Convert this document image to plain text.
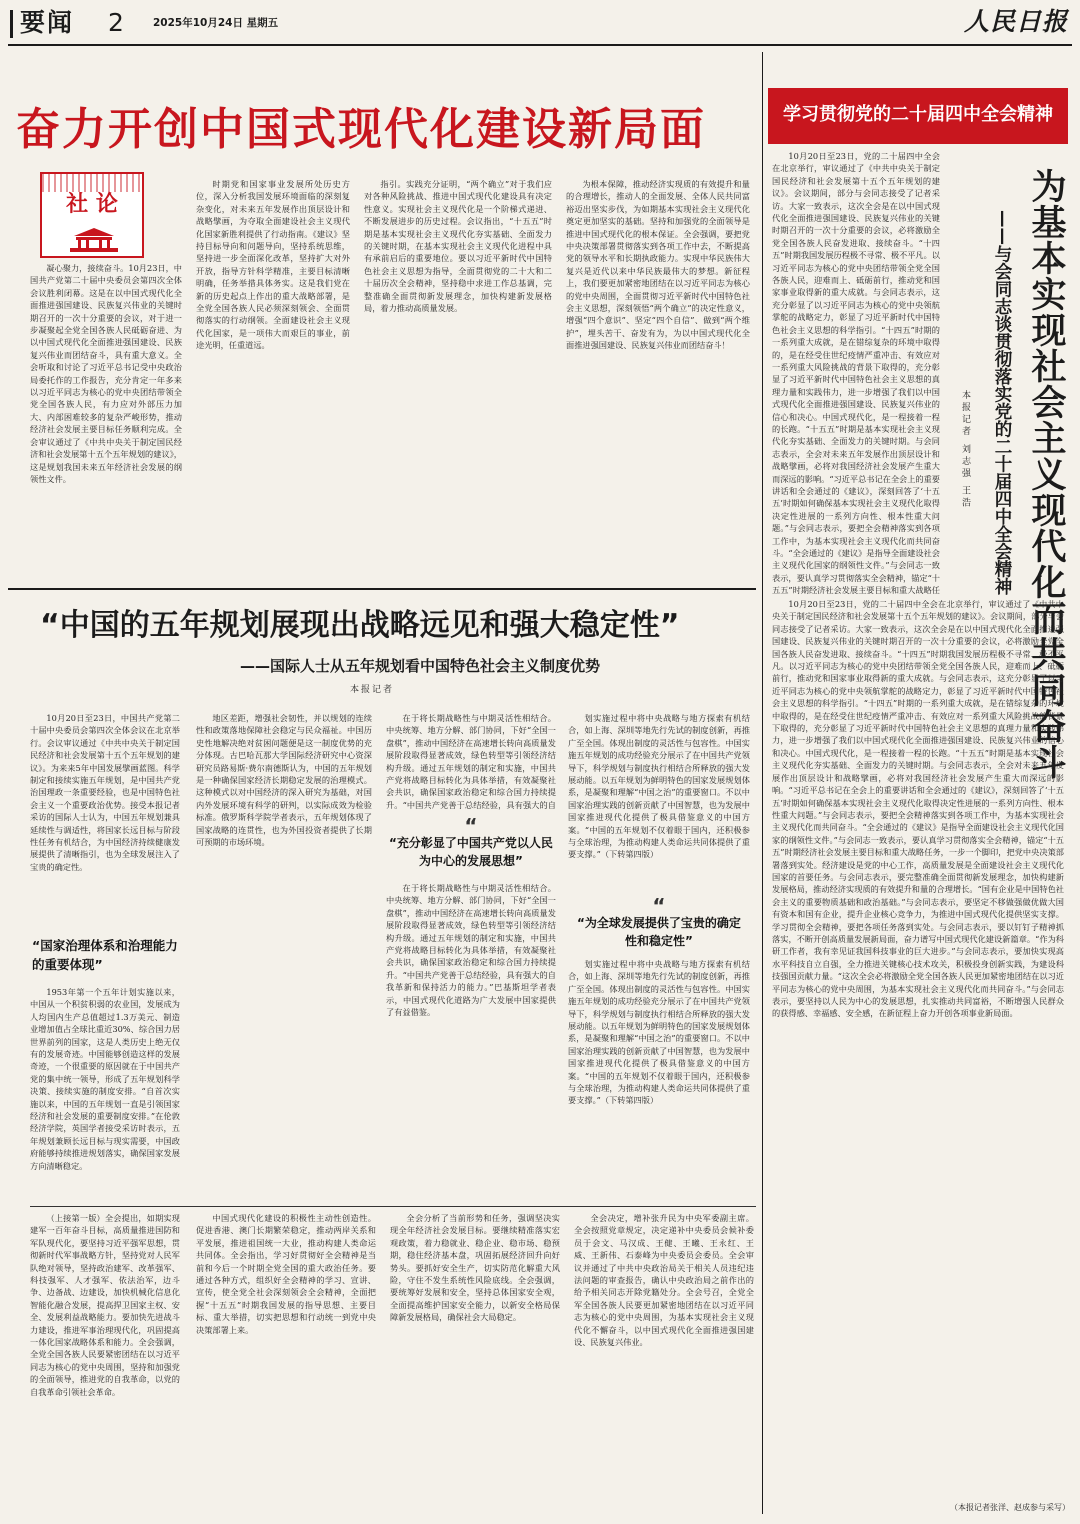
要闻 2	2025年10月24日 星期五	人民日报
奋力开创中国式现代化建设新局面
社 论

凝心聚力，接续奋斗。10月23日，中国共产党第二十届中央委员会第四次全体会议胜利闭幕。这是在以中国式现代化全面推进强国建设、民族复兴伟业的关键时期召开的一次十分重要的会议，对于进一步凝聚起全党全国各族人民砥砺奋进、为以中国式现代化全面推进强国建设、民族复兴伟业而团结奋斗，具有重大意义。全会听取和讨论了习近平总书记受中央政治局委托作的工作报告，充分肯定一年多来以习近平同志为核心的党中央团结带领全党全国各族人民，有力应对外部压力加大、内部困难较多的复杂严峻形势，推动经济社会发展主要目标任务顺利完成。全会审议通过了《中共中央关于制定国民经济和社会发展第十五个五年规划的建议》，这是规划我国未来五年经济社会发展的纲领性文件。

时期党和国家事业发展所处历史方位，深入分析我国发展环境面临的深刻复杂变化，对未来五年发展作出顶层设计和战略擘画，为夺取全面建设社会主义现代化国家新胜利提供了行动指南。《建议》坚持目标导向和问题导向，坚持系统思维，坚持进一步全面深化改革，坚持扩大对外开放，指导方针科学精准，主要目标清晰明确，任务举措具体务实。这是我们党在新的历史起点上作出的重大战略部署，是全党全国各族人民必须深刻领会、全面贯彻落实的行动纲领。全面建设社会主义现代化国家，是一项伟大而艰巨的事业，前途光明，任重道远。

指引。实践充分证明，“两个确立”对于我们应对各种风险挑战、推进中国式现代化建设具有决定性意义。实现社会主义现代化是一个阶梯式递进、不断发展进步的历史过程。会议指出，“十五五”时期是基本实现社会主义现代化夯实基础、全面发力的关键时期，在基本实现社会主义现代化进程中具有承前启后的重要地位。要以习近平新时代中国特色社会主义思想为指导，全面贯彻党的二十大和二十届历次全会精神，坚持稳中求进工作总基调，完整准确全面贯彻新发展理念，加快构建新发展格局，着力推动高质量发展。

为根本保障，推动经济实现质的有效提升和量的合理增长，推动人的全面发展、全体人民共同富裕迈出坚实步伐，为如期基本实现社会主义现代化奠定更加坚实的基础。坚持和加强党的全面领导是推进中国式现代化的根本保证。全会强调，要把党中央决策部署贯彻落实到各项工作中去，不断提高党的领导水平和长期执政能力。实现中华民族伟大复兴是近代以来中华民族最伟大的梦想。新征程上，我们要更加紧密地团结在以习近平同志为核心的党中央周围，全面贯彻习近平新时代中国特色社会主义思想，深刻领悟“两个确立”的决定性意义，增强“四个意识”、坚定“四个自信”、做到“两个维护”，埋头苦干、奋发有为，为以中国式现代化全面推进强国建设、民族复兴伟业而团结奋斗！

“中国的五年规划展现出战略远见和强大稳定性”
——国际人士从五年规划看中国特色社会主义制度优势
本报记者

10月20日至23日，中国共产党第二十届中央委员会第四次全体会议在北京举行。会议审议通过《中共中央关于制定国民经济和社会发展第十五个五年规划的建议》。为来来5年中国发展擘画蓝图。科学制定和接续实施五年规划，是中国共产党治国理政一条重要经验，也是中国特色社会主义一个重要政治优势。接受本报记者采访的国际人士认为，中国五年规划兼具延续性与调适性，将国家长远目标与阶段性任务有机结合，为中国经济持续健康发展提供了清晰指引，也为全球发展注入了宝贵的确定性。

“国家治理体系和治理能力的重要体现”

1953年第一个五年计划实施以来，中国从一个积贫积弱的农业国，发展成为人均国内生产总值超过1.3万美元、制造业增加值占全球比重近30%、综合国力居世界前列的国家，这是人类历史上绝无仅有的发展奇迹。中国能够创造这样的发展奇迹，一个很重要的原因就在于中国共产党的集中统一领导，形成了五年规划科学决策、接续实施的制度安排。“自首次实施以来，中国的五年规划一直是引领国家经济和社会发展的重要制度安排。”在伦敦经济学院，英国学者接受采访时表示，五年规划兼顾长远目标与现实需要，中国政府能够持续推进规划落实，确保国家发展方向清晰稳定。

地区差距，增强社会韧性，并以规划的连续性和政策落地保障社会稳定与民众福祉。中国历史性地解决绝对贫困问题便是这一制度优势的充分体现。古巴哈瓦那大学国际经济研究中心资深研究员路易斯·费尔南德斯认为，中国的五年规划是一种确保国家经济长期稳定发展的治理模式。这种模式以对中国经济的深入研究为基础，对国内外发展环境有科学的研判，以实际成效为检验标准。俄罗斯科学院学者表示，五年规划体现了国家战略的连贯性，也为外国投资者提供了长期可预期的市场环境。

在于将长期战略性与中期灵活性相结合。中央统筹、地方分解、部门协同，下好“全国一盘棋”，推动中国经济在高速增长转向高质量发展阶段取得显著成效，绿色转型等引领经济结构升级。通过五年规划的制定和实施，中国共产党将战略目标转化为具体举措，有效凝聚社会共识，确保国家政治稳定和综合国力持续提升。“中国共产党善于总结经验，具有强大的自

“
“充分彰显了中国共产党以人民为中心的发展思想”

在于将长期战略性与中期灵活性相结合。中央统筹、地方分解、部门协同，下好“全国一盘棋”，推动中国经济在高速增长转向高质量发展阶段取得显著成效，绿色转型等引领经济结构升级。通过五年规划的制定和实施，中国共产党将战略目标转化为具体举措，有效凝聚社会共识，确保国家政治稳定和综合国力持续提升。“中国共产党善于总结经验，具有强大的自我革新和保持活力的能力。”巴基斯坦学者表示，中国式现代化道路为广大发展中国家提供了有益借鉴。

划实施过程中将中央战略与地方探索有机结合，如上海、深圳等地先行先试的制度创新，再推广至全国。体现出制度的灵活性与包容性。中国实施五年规划的成功经验充分展示了在中国共产党领导下，科学规划与制度执行相结合所释放的强大发展动能。以五年规划为鲜明特色的国家发展规划体系，是凝聚和理解“中国之治”的重要窗口。不以中国家治理实践的创新贡献了中国智慧，也为发展中国家推进现代化提供了极具借鉴意义的中国方案。“中国的五年规划不仅着眼于国内，还积极参与全球治理，为推动构建人类命运共同体提供了重要支撑。”（下转第四版）

“
“为全球发展提供了宝贵的确定性和稳定性”

划实施过程中将中央战略与地方探索有机结合，如上海、深圳等地先行先试的制度创新，再推广至全国。体现出制度的灵活性与包容性。中国实施五年规划的成功经验充分展示了在中国共产党领导下，科学规划与制度执行相结合所释放的强大发展动能。以五年规划为鲜明特色的国家发展规划体系，是凝聚和理解“中国之治”的重要窗口。不以中国家治理实践的创新贡献了中国智慧，也为发展中国家推进现代化提供了极具借鉴意义的中国方案。“中国的五年规划不仅着眼于国内，还积极参与全球治理，为推动构建人类命运共同体提供了重要支撑。”（下转第四版）

（上接第一版）全会提出，如期实现建军一百年奋斗目标，高质量推进国防和军队现代化，要坚持习近平强军思想，贯彻新时代军事战略方针，坚持党对人民军队绝对领导，坚持政治建军、改革强军、科技强军、人才强军、依法治军，边斗争、边备战、边建设，加快机械化信息化智能化融合发展，提高捍卫国家主权、安全、发展利益战略能力。要加快先进战斗力建设，推进军事治理现代化，巩固提高一体化国家战略体系和能力。全会强调，全党全国各族人民要紧密团结在以习近平同志为核心的党中央周围，坚持和加强党的全面领导，推进党的自我革命，以党的自我革命引领社会革命。

中国式现代化建设的积极性主动性创造性。促进香港、澳门长期繁荣稳定，推动两岸关系和平发展，推进祖国统一大业，推动构建人类命运共同体。全会指出，学习好贯彻好全会精神是当前和今后一个时期全党全国的重大政治任务。要通过各种方式，组织好全会精神的学习、宣讲、宣传，使全党全社会深刻领会全会精神，全面把握“十五五”时期我国发展的指导思想、主要目标、重大举措，切实把思想和行动统一到党中央决策部署上来。

全会分析了当前形势和任务，强调坚决实现全年经济社会发展目标。要继续精准落实宏观政策，着力稳就业、稳企业、稳市场、稳预期，稳住经济基本盘，巩固拓展经济回升向好势头。要抓好安全生产，切实防范化解重大风险，守住不发生系统性风险底线。全会强调，要统筹好发展和安全，坚持总体国家安全观，全面提高维护国家安全能力，以新安全格局保障新发展格局，确保社会大局稳定。

全会决定，增补张升民为中央军委副主席。全会按照党章规定，决定递补中央委员会候补委员于会文、马汉成、王健、王曦、王永红、王威、王新伟、石泰峰为中央委员会委员。全会审议并通过了中共中央政治局关于相关人员违纪违法问题的审查报告，确认中央政治局之前作出的给予相关同志开除党籍处分。全会号召，全党全军全国各族人民要更加紧密地团结在以习近平同志为核心的党中央周围，为基本实现社会主义现代化不懈奋斗，以中国式现代化全面推进强国建设、民族复兴伟业。

学习贯彻党的二十届四中全会精神
为基本实现社会主义现代化而共同奋斗
——与会同志谈贯彻落实党的二十届四中全会精神
本报记者 刘志强 王浩

10月20日至23日，党的二十届四中全会在北京举行，审议通过了《中共中央关于制定国民经济和社会发展第十五个五年规划的建议》。会议期间，部分与会同志接受了记者采访。大家一致表示，这次全会是在以中国式现代化全面推进强国建设、民族复兴伟业的关键时期召开的一次十分重要的会议，必将激励全党全国各族人民奋发进取、接续奋斗。“十四五”时期我国发展历程极不寻常、极不平凡。以习近平同志为核心的党中央团结带领全党全国各族人民，迎难而上、砥砺前行，推动党和国家事业取得新的重大成就。与会同志表示，这充分彰显了以习近平同志为核心的党中央领航掌舵的战略定力，彰显了习近平新时代中国特色社会主义思想的科学指引。“十四五”时期的一系列重大成就，是在错综复杂的环境中取得的，是在经受住世纪疫情严重冲击、有效应对一系列重大风险挑战的背景下取得的，充分彰显了习近平新时代中国特色社会主义思想的真理力量和实践伟力，进一步增强了我们以中国式现代化全面推进强国建设、民族复兴伟业的信心和决心。中国式现代化，是一程接着一程的长跑。“十五五”时期是基本实现社会主义现代化夯实基础、全面发力的关键时期。与会同志表示，全会对未来五年发展作出顶层设计和战略擘画，必将对我国经济社会发展产生重大而深远的影响。“习近平总书记在全会上的重要讲话和全会通过的《建议》，深刻回答了‘十五五’时期如何确保基本实现社会主义现代化取得决定性进展的一系列方向性、根本性重大问题。”与会同志表示，要把全会精神落实到各项工作中，为基本实现社会主义现代化而共同奋斗。“全会通过的《建议》是指导全面建设社会主义现代化国家的纲领性文件。”与会同志一致表示，要认真学习贯彻落实全会精神，锚定“十五五”时期经济社会发展主要目标和重大战略任

10月20日至23日，党的二十届四中全会在北京举行，审议通过了《中共中央关于制定国民经济和社会发展第十五个五年规划的建议》。会议期间，部分与会同志接受了记者采访。大家一致表示，这次全会是在以中国式现代化全面推进强国建设、民族复兴伟业的关键时期召开的一次十分重要的会议，必将激励全党全国各族人民奋发进取、接续奋斗。“十四五”时期我国发展历程极不寻常、极不平凡。以习近平同志为核心的党中央团结带领全党全国各族人民，迎难而上、砥砺前行，推动党和国家事业取得新的重大成就。与会同志表示，这充分彰显了以习近平同志为核心的党中央领航掌舵的战略定力，彰显了习近平新时代中国特色社会主义思想的科学指引。“十四五”时期的一系列重大成就，是在错综复杂的环境中取得的，是在经受住世纪疫情严重冲击、有效应对一系列重大风险挑战的背景下取得的，充分彰显了习近平新时代中国特色社会主义思想的真理力量和实践伟力，进一步增强了我们以中国式现代化全面推进强国建设、民族复兴伟业的信心和决心。中国式现代化，是一程接着一程的长跑。“十五五”时期是基本实现社会主义现代化夯实基础、全面发力的关键时期。与会同志表示，全会对未来五年发展作出顶层设计和战略擘画，必将对我国经济社会发展产生重大而深远的影响。“习近平总书记在全会上的重要讲话和全会通过的《建议》，深刻回答了‘十五五’时期如何确保基本实现社会主义现代化取得决定性进展的一系列方向性、根本性重大问题。”与会同志表示，要把全会精神落实到各项工作中，为基本实现社会主义现代化而共同奋斗。“全会通过的《建议》是指导全面建设社会主义现代化国家的纲领性文件。”与会同志一致表示，要认真学习贯彻落实全会精神，锚定“十五五”时期经济社会发展主要目标和重大战略任务，一步一个脚印，把党中央决策部署落到实处。经济建设是党的中心工作，高质量发展是全面建设社会主义现代化国家的首要任务。与会同志表示，要完整准确全面贯彻新发展理念，加快构建新发展格局，推动经济实现质的有效提升和量的合理增长。“国有企业是中国特色社会主义的重要物质基础和政治基础。”与会同志表示，要坚定不移做强做优做大国有资本和国有企业，提升企业核心竞争力，为推进中国式现代化提供坚实支撑。学习贯彻全会精神，要把各项任务落到实处。与会同志表示，要以钉钉子精神抓落实，不断开创高质量发展新局面，奋力谱写中国式现代化建设新篇章。“作为科研工作者，我有幸见证我国科技事业的巨大进步。”与会同志表示，要加快实现高水平科技自立自强，全力推进关键核心技术攻关，积极投身创新实践，为建设科技强国贡献力量。“这次全会必将激励全党全国各族人民更加紧密地团结在以习近平同志为核心的党中央周围，为基本实现社会主义现代化而共同奋斗。”与会同志表示，要坚持以人民为中心的发展思想，扎实推动共同富裕，不断增强人民群众的获得感、幸福感、安全感，在新征程上奋力开创各项事业新局面。

（本报记者张洋、赵成参与采写）
